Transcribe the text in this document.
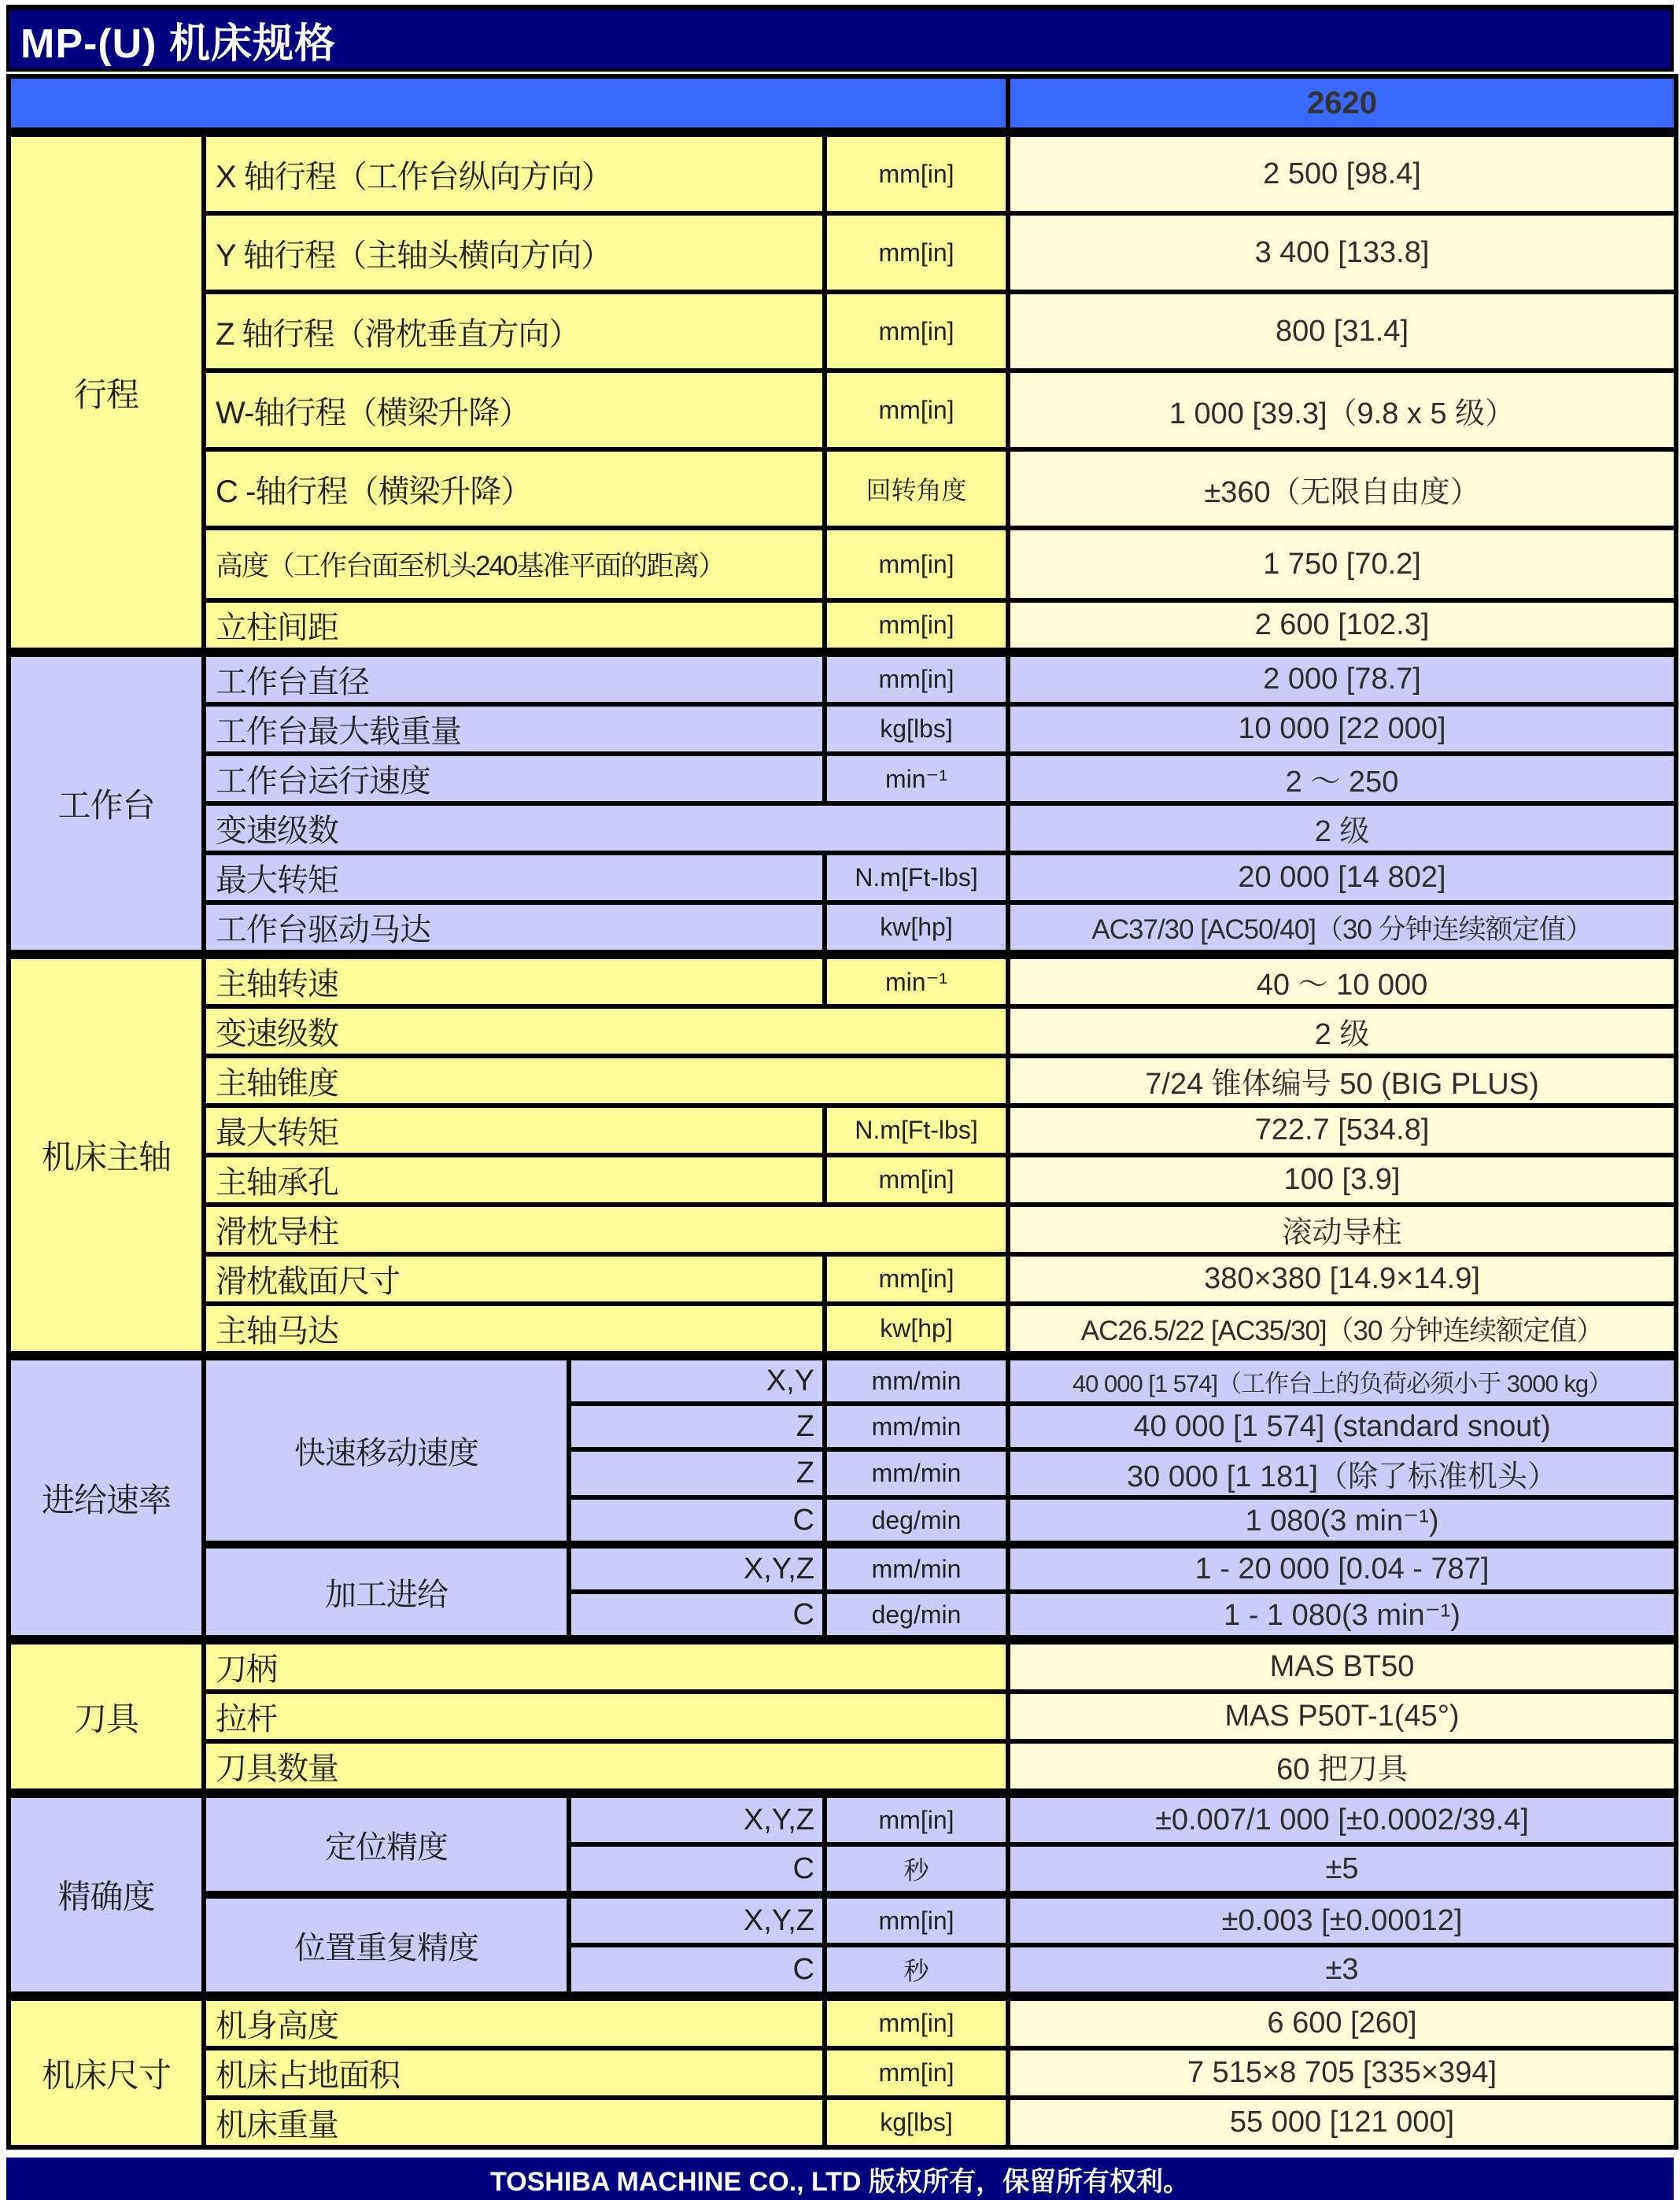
MP-(U) 机床规格
				2620
行程	X 轴行程（工作台纵向方向）		mm[in]	2 500 [98.4]
	Y 轴行程（主轴头横向方向）		mm[in]	3 400 [133.8]
	Z 轴行程（滑枕垂直方向）		mm[in]	800 [31.4]
	W-轴行程（横梁升降）		mm[in]	1 000 [39.3]（9.8 x 5 级）
	C -轴行程（横梁升降）		回转角度	±360（无限自由度）
	高度（工作台面至机头240基准平面的距离）		mm[in]	1 750 [70.2]
	立柱间距		mm[in]	2 600 [102.3]
工作台	工作台直径		mm[in]	2 000 [78.7]
	工作台最大载重量		kg[lbs]	10 000 [22 000]
	工作台运行速度		min⁻¹	2 ～ 250
	变速级数			2 级
	最大转矩		N.m[Ft-lbs]	20 000 [14 802]
	工作台驱动马达		kw[hp]	AC37/30 [AC50/40]（30 分钟连续额定值）
机床主轴	主轴转速		min⁻¹	40 ～ 10 000
	变速级数			2 级
	主轴锥度			7/24 锥体编号 50 (BIG PLUS)
	最大转矩		N.m[Ft-lbs]	722.7 [534.8]
	主轴承孔		mm[in]	100 [3.9]
	滑枕导柱			滚动导柱
	滑枕截面尺寸		mm[in]	380×380 [14.9×14.9]
	主轴马达		kw[hp]	AC26.5/22 [AC35/30]（30 分钟连续额定值）
进给速率	快速移动速度	X,Y	mm/min	40 000 [1 574]（工作台上的负荷必须小于 3000 kg）
		Z	mm/min	40 000 [1 574] (standard snout)
		Z	mm/min	30 000 [1 181]（除了标准机头）
		C	deg/min	1 080(3 min⁻¹)
	加工进给	X,Y,Z	mm/min	1 - 20 000 [0.04 - 787]
		C	deg/min	1 - 1 080(3 min⁻¹)
刀具	刀柄			MAS BT50
	拉杆			MAS P50T-1(45°)
	刀具数量			60 把刀具
精确度	定位精度	X,Y,Z	mm[in]	±0.007/1 000 [±0.0002/39.4]
		C	秒	±5
	位置重复精度	X,Y,Z	mm[in]	±0.003 [±0.00012]
		C	秒	±3
机床尺寸	机身高度		mm[in]	6 600 [260]
	机床占地面积		mm[in]	7 515×8 705 [335×394]
	机床重量		kg[lbs]	55 000 [121 000]
TOSHIBA MACHINE CO., LTD 版权所有，保留所有权利。
